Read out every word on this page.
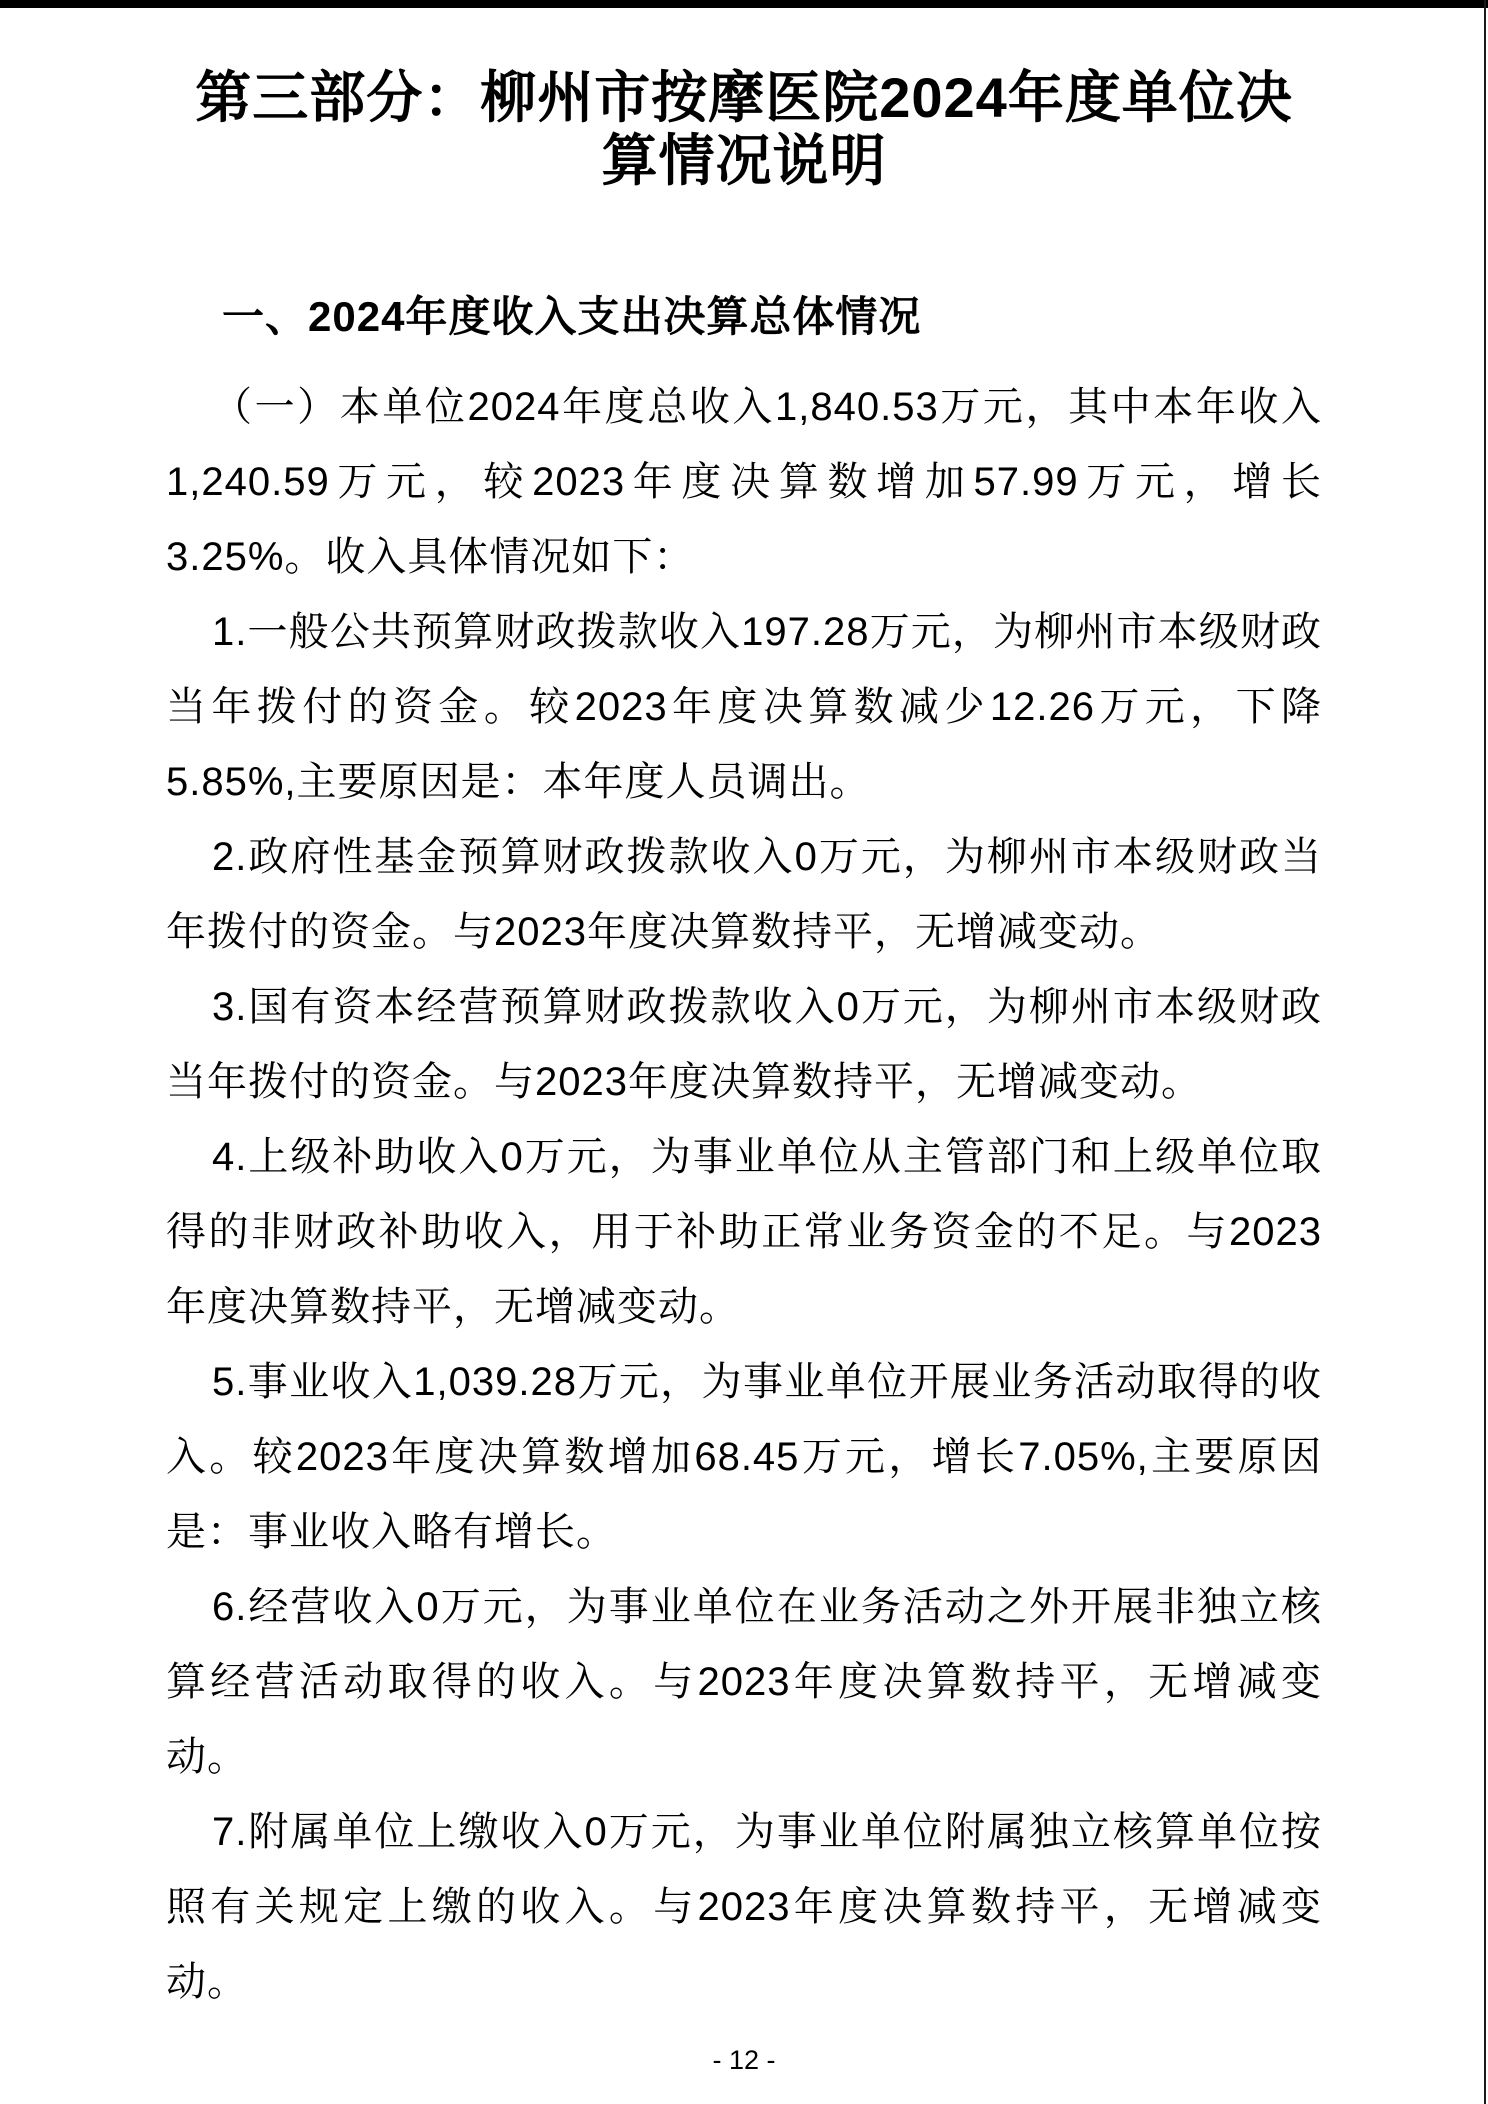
第三部分：柳州市按摩医院2024年度单位决
算情况说明
一、2024年度收入支出决算总体情况

（一）本单位2024年度总收入1,840.53万元，其中本年收入1,240.59万元，较2023年度决算数增加57.99万元，增长3.25%。收入具体情况如下：

1.一般公共预算财政拨款收入197.28万元，为柳州市本级财政当年拨付的资金。较2023年度决算数减少12.26万元，下降5.85%,主要原因是：本年度人员调出。

2.政府性基金预算财政拨款收入0万元，为柳州市本级财政当年拨付的资金。与2023年度决算数持平，无增减变动。

3.国有资本经营预算财政拨款收入0万元，为柳州市本级财政当年拨付的资金。与2023年度决算数持平，无增减变动。

4.上级补助收入0万元，为事业单位从主管部门和上级单位取得的非财政补助收入，用于补助正常业务资金的不足。与2023年度决算数持平，无增减变动。

5.事业收入1,039.28万元，为事业单位开展业务活动取得的收入。较2023年度决算数增加68.45万元，增长7.05%,主要原因是：事业收入略有增长。

6.经营收入0万元，为事业单位在业务活动之外开展非独立核算经营活动取得的收入。与2023年度决算数持平，无增减变动。

7.附属单位上缴收入0万元，为事业单位附属独立核算单位按照有关规定上缴的收入。与2023年度决算数持平，无增减变动。

- 12 -
